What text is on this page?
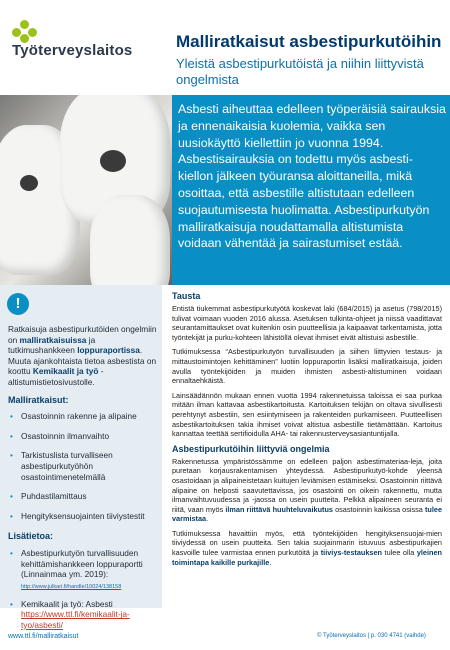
Työterveyslaitos	Malliratkaisut asbestipurkutöihin
Yleistä asbestipurkutöistä ja niihin liittyvistä ongelmista
Asbesti aiheuttaa edelleen työperäisiä sairauksia ja ennenaikaisia kuolemia, vaikka sen uusiokäyttö kiellettiin jo vuonna 1994. Asbestisairauksia on todettu myös asbesti-kiellon jälkeen työuransa aloittaneilla, mikä osoittaa, että asbestille altistutaan edelleen suojautumisesta huolimatta. Asbestipurkutyön malliratkaisuja noudattamalla altistumista voidaan vähentää ja sairastumiset estää.
!
Ratkaisuja asbestipurkutöiden ongelmiin on malliratkaisuissa ja tutkimushankkeen loppuraportissa. Muuta ajankohtaista tietoa asbestista on koottu Kemikaalit ja työ -altistumistietosivustolle.
Malliratkaisut:
• Osastoinnin rakenne ja alipaine
• Osastoinnin ilmanvaihto
• Tarkistuslista turvalliseen asbestipurkutyöhön osastointimenetelmällä
• Puhdastilamittaus
• Hengityksensuojainten tiiviystestit
Lisätietoa:
• Asbestipurkutyön turvallisuuden kehittämishankkeen loppuraportti (Linnainmaa ym. 2019):
http://www.julkari.fi/handle/10024/138158
• Kemikaalit ja työ: Asbesti
https://www.ttl.fi/kemikaalit-ja-tyo/asbesti/
Tausta

Entistä tiukemmat asbestipurkutyötä koskevat laki (684/2015) ja asetus (798/2015) tulivat voimaan vuoden 2016 alussa. Asetuksen tulkinta-ohjeet ja niissä vaadittavat seurantamittaukset ovat kuitenkin osin puutteellisia ja kaipaavat tarkentamista, jotta työntekijät ja purku-kohteen lähistöllä olevat ihmiset eivät altistuisi asbestille.

Tutkimuksessa “Asbestipurkutyön turvallisuuden ja siihen liittyvien testaus- ja mittaustoimintojen kehittäminen” luotiin loppuraportin lisäksi malliratkaisuja, joiden avulla työntekijöiden ja muiden ihmisten asbesti-altistuminen voidaan ennaltaehkäistä.

Lainsäädännön mukaan ennen vuotta 1994 rakennetuissa taloissa ei saa purkaa mitään ilman kattavaa asbestikartoitusta. Kartoituksen tekijän on oltava sivullisesti perehtynyt asbestiin, sen esiintymiseen ja rakenteiden purkamiseen. Puutteellisen asbestikartoituksen takia ihmiset voivat altistua asbestille tietämättään. Kartoitus kannattaa teettää sertifioidulla AHA- tai rakennusterveysasiantuntijalla.

Asbestipurkutöihin liittyviä ongelmia

Rakennetussa ympäristössämme on edelleen paljon asbestimateriaa-leja, joita puretaan korjausrakentamisen yhteydessä. Asbestipurkutyö-kohde yleensä osastoidaan ja alipaineistetaan kuitujen leviämisen estämiseksi. Osastoinnin riittävä alipaine on helposti saavutettavissa, jos osastointi on oikein rakennettu, mutta ilmanvaihtuvuudessa ja -jaossa on usein puutteita. Pelkkä alipaineen seuranta ei riitä, vaan myös ilman riittävä huuhteluvaikutus osastoinnin kaikissa osissa tulee varmistaa.

Tutkimuksessa havaittiin myös, että työntekijöiden hengityksensuojai-mien tiiviydessä on usein puutteita. Sen takia suojainmarin istuvuus asbestipurkajien kasvoille tulee varmistaa ennen purkutöitä ja tiiviys-testauksen tulee olla yleinen toimintapa kaikille purkajille.

www.ttl.fi/malliratkaisut	© Työterveyslaitos | p. 030 4741 (vaihde)
